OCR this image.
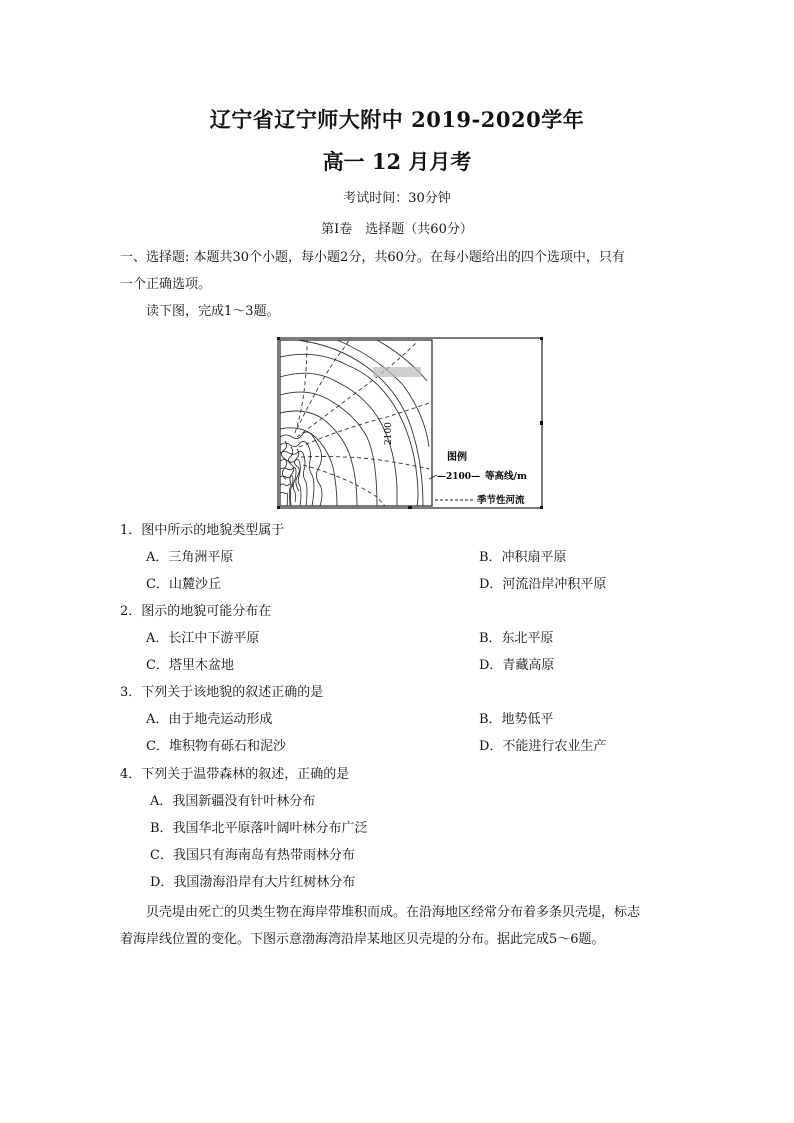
辽宁省辽宁师大附中 2019-2020学年
高一 12 月月考
考试时间：30分钟
第Ⅰ卷　选择题（共60分）
一、选择题: 本题共30个小题，每小题2分，共60分。在每小题给出的四个选项中，只有
一个正确选项。
读下图，完成1～3题。
2100
图例
—2100— 等高线/m
季节性河流
1．图中所示的地貌类型属于
A．三角洲平原	B．冲积扇平原
C．山麓沙丘	D．河流沿岸冲积平原
2．图示的地貌可能分布在
A．长江中下游平原	B．东北平原
C．塔里木盆地	D．青藏高原
3．下列关于该地貌的叙述正确的是
A．由于地壳运动形成	B．地势低平
C．堆积物有砾石和泥沙	D．不能进行农业生产
4．下列关于温带森林的叙述，正确的是
A．我国新疆没有针叶林分布
B．我国华北平原落叶阔叶林分布广泛
C．我国只有海南岛有热带雨林分布
D．我国渤海沿岸有大片红树林分布
贝壳堤由死亡的贝类生物在海岸带堆积而成。在沿海地区经常分布着多条贝壳堤，标志
着海岸线位置的变化。下图示意渤海湾沿岸某地区贝壳堤的分布。据此完成5～6题。
